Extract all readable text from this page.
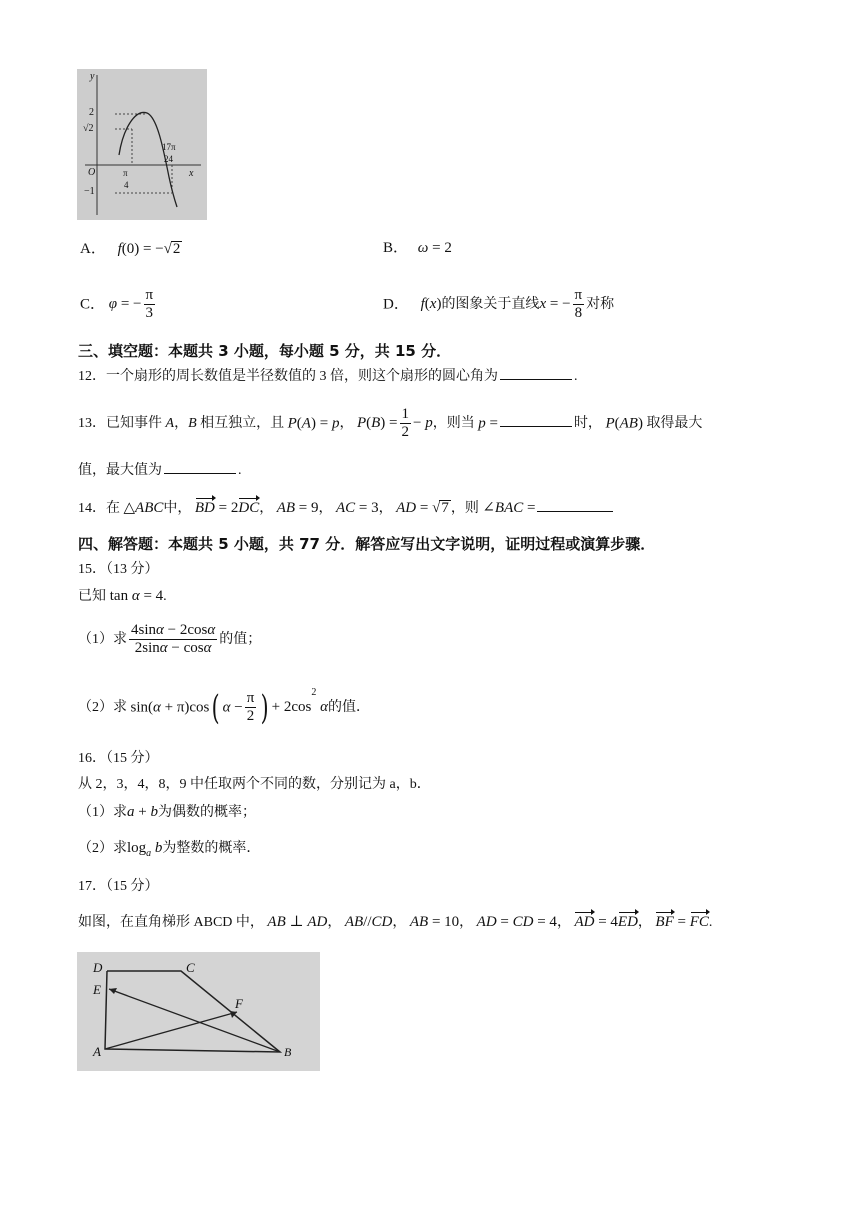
y
2
√2
O
−1
π
4
17π
24
x
A． f(0) = −√2	B． ω = 2
C． φ = − $\frac{\pi}{3}$	D． f(x)的图象关于直线x = − $\frac{\pi}{8}$ 对称
三、填空题：本题共 3 小题，每小题 5 分，共 15 分．
12．一个扇形的周长数值是半径数值的 3 倍，则这个扇形的圆心角为	.
13．已知事件 A，B 相互独立，且 P(A) = p， $P(B) = \frac{1}{2} - p$，则当 p =	时， P(AB) 取得最大
值，最大值为	.
14．在 △ABC中， BD = 2DC， AB = 9， AC = 3， AD = √7 ，则 ∠BAC =
四、解答题：本题共 5 小题，共 77 分．解答应写出文字说明，证明过程或演算步骤．
15．（13 分）
已知 tan α = 4.
（1）求 $\frac{4\sin\alpha - 2\cos\alpha}{2\sin\alpha - \cos\alpha}$ 的值；
（2）求 sin(α + π)cos( $\alpha - \frac{\pi}{2}$ ) + $2\cos^2$ α的值．
16．（15 分）
从 2，3，4，8，9 中任取两个不同的数，分别记为 a，b．
（1）求a + b为偶数的概率；
（2）求$\log_a b$为整数的概率．
17．（15 分）
如图，在直角梯形 ABCD 中， AB ⊥ AD， AB//CD， AB = 10， AD = CD = 4， AD = 4ED， BF = FC.
D	C
E
F
A	B
